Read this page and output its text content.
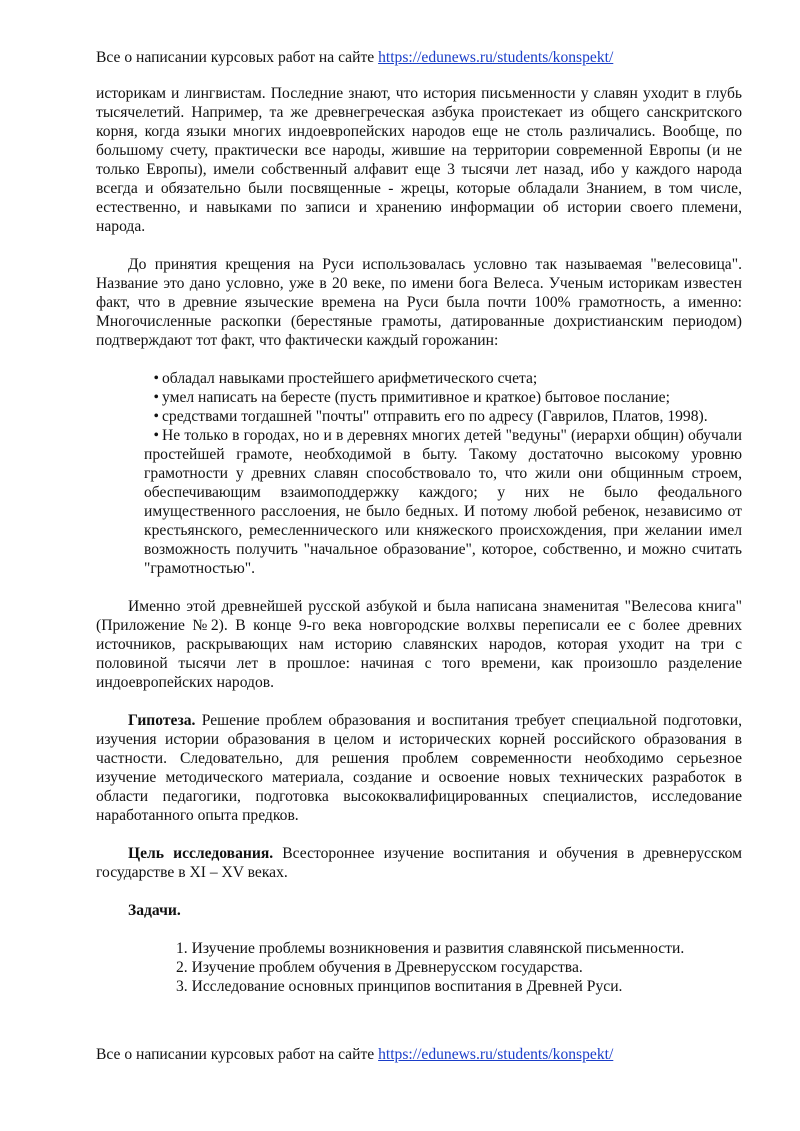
Все о написании курсовых работ на сайте https://edunews.ru/students/konspekt/

историкам и лингвистам. Последние знают, что история письменности у славян уходит в глубь тысячелетий. Например, та же древнегреческая азбука проистекает из общего санскритского корня, когда языки многих индоевропейских народов еще не столь различались. Вообще, по большому счету, практически все народы, жившие на территории современной Европы (и не только Европы), имели собственный алфавит еще 3 тысячи лет назад, ибо у каждого народа всегда и обязательно были посвященные - жрецы, которые обладали Знанием, в том числе, естественно, и навыками по записи и хранению информации об истории своего племени, народа.

До принятия крещения на Руси использовалась условно так называемая "велесовица". Название это дано условно, уже в 20 веке, по имени бога Велеса. Ученым историкам известен факт, что в древние языческие времена на Руси была почти 100% грамотность, а именно: Многочисленные раскопки (берестяные грамоты, датированные дохристианским периодом) подтверждают тот факт, что фактически каждый горожанин:

•обладал навыками простейшего арифметического счета;
•умел написать на бересте (пусть примитивное и краткое) бытовое послание;
•средствами тогдашней "почты" отправить его по адресу (Гаврилов, Платов, 1998).
•Не только в городах, но и в деревнях многих детей "ведуны" (иерархи общин) обучали простейшей грамоте, необходимой в быту. Такому достаточно высокому уровню грамотности у древних славян способствовало то, что жили они общинным строем, обеспечивающим взаимоподдержку каждого; у них не было феодального имущественного расслоения, не было бедных. И потому любой ребенок, независимо от крестьянского, ремесленнического или княжеского происхождения, при желании имел возможность получить "начальное образование", которое, собственно, и можно считать "грамотностью".

Именно этой древнейшей русской азбукой и была написана знаменитая "Велесова книга"(Приложение №2). В конце 9-го века новгородские волхвы переписали ее с более древних источников, раскрывающих нам историю славянских народов, которая уходит на три с половиной тысячи лет в прошлое: начиная с того времени, как произошло разделение индоевропейских народов.

Гипотеза. Решение проблем образования и воспитания требует специальной подготовки, изучения истории образования в целом и исторических корней российского образования в частности. Следовательно, для решения проблем современности необходимо серьезное изучение методического материала, создание и освоение новых технических разработок в области педагогики, подготовка высококвалифицированных специалистов, исследование наработанного опыта предков.

Цель исследования. Всестороннее изучение воспитания и обучения в древнерусском государстве в XI – XV веках.

Задачи.

1. Изучение проблемы возникновения и развития славянской письменности.
2. Изучение проблем обучения в Древнерусском государства.
3. Исследование основных принципов воспитания в Древней Руси.
Все о написании курсовых работ на сайте https://edunews.ru/students/konspekt/
